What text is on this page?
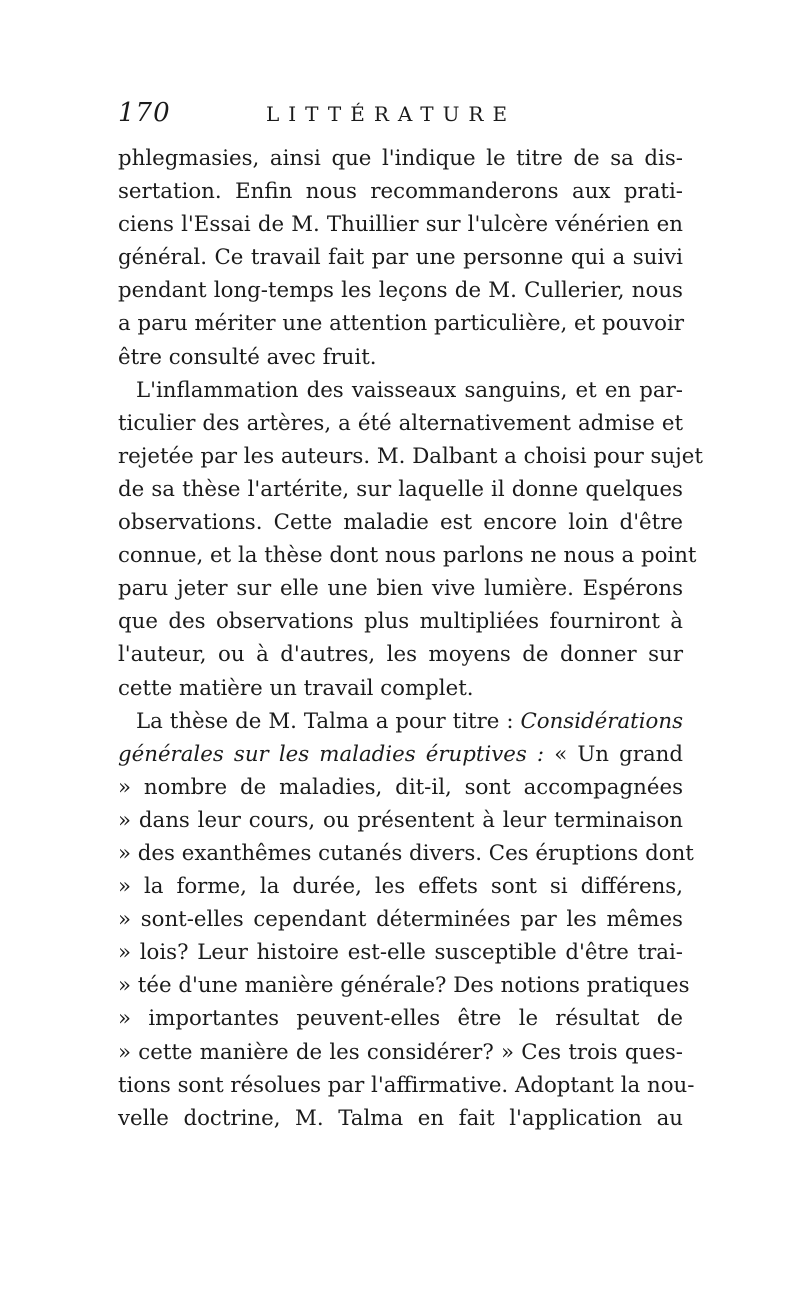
170	LITTÉRATURE
phlegmasies, ainsi que l'indique le titre de sa dis-
sertation. Enfin nous recommanderons aux prati-
ciens l'Essai de M. Thuillier sur l'ulcère vénérien en
général. Ce travail fait par une personne qui a suivi
pendant long-temps les leçons de M. Cullerier, nous
a paru mériter une attention particulière, et pouvoir
être consulté avec fruit.
L'inflammation des vaisseaux sanguins, et en par-
ticulier des artères, a été alternativement admise et
rejetée par les auteurs. M. Dalbant a choisi pour sujet
de sa thèse l'artérite, sur laquelle il donne quelques
observations. Cette maladie est encore loin d'être
connue, et la thèse dont nous parlons ne nous a point
paru jeter sur elle une bien vive lumière. Espérons
que des observations plus multipliées fourniront à
l'auteur, ou à d'autres, les moyens de donner sur
cette matière un travail complet.
La thèse de M. Talma a pour titre : Considérations
générales sur les maladies éruptives : « Un grand
» nombre de maladies, dit-il, sont accompagnées
» dans leur cours, ou présentent à leur terminaison
» des exanthêmes cutanés divers. Ces éruptions dont
» la forme, la durée, les effets sont si différens,
» sont-elles cependant déterminées par les mêmes
» lois? Leur histoire est-elle susceptible d'être trai-
» tée d'une manière générale? Des notions pratiques
» importantes peuvent-elles être le résultat de
» cette manière de les considérer? » Ces trois ques-
tions sont résolues par l'affirmative. Adoptant la nou-
velle doctrine, M. Talma en fait l'application au
